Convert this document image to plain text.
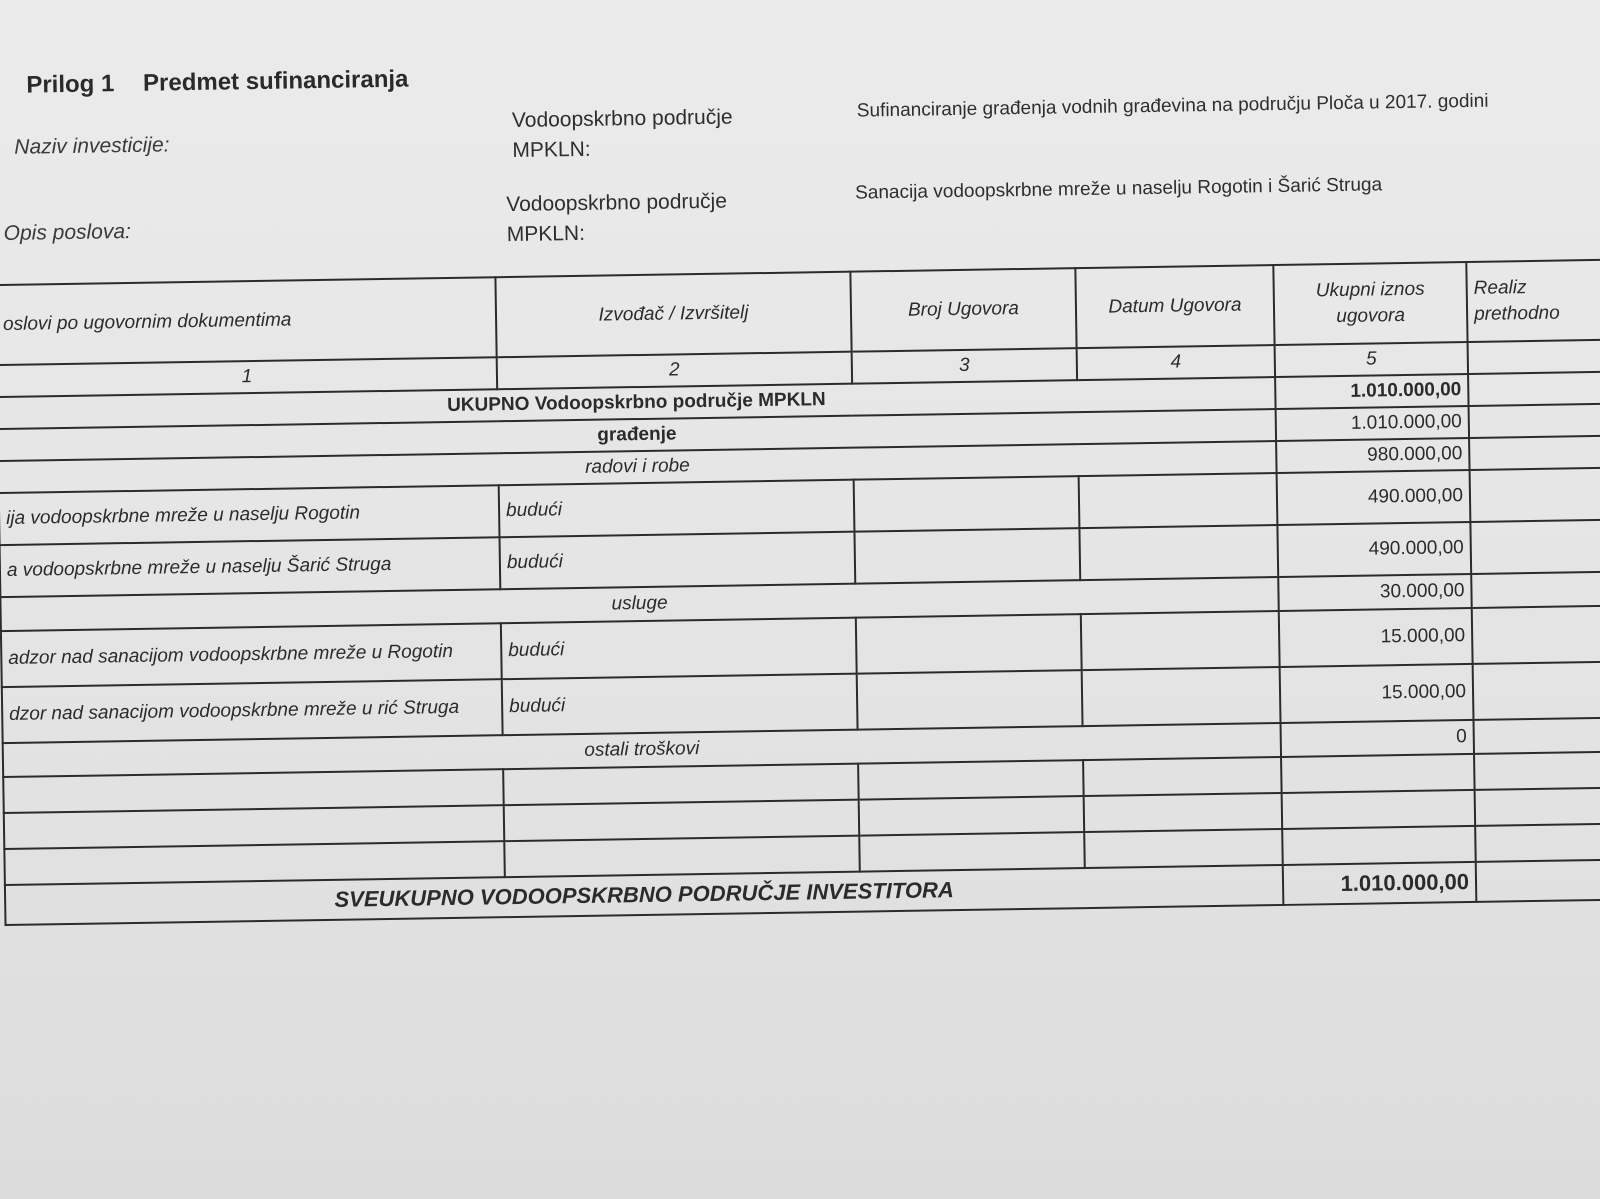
Prilog 1 Predmet sufinanciranja
Naziv investicije:
Vodoopskrbno područje MPKLN:
Sufinanciranje građenja vodnih građevina na području Ploča u 2017. godini
Opis poslova:
Vodoopskrbno područje MPKLN:
Sanacija vodoopskrbne mreže u naselju Rogotin i Šarić Struga
oslovi po ugovornim dokumentima	Izvođač / Izvršitelj	Broj Ugovora	Datum Ugovora	Ukupni iznos ugovora	Realiz prethodno
1	2	3	4	5	
UKUPNO Vodoopskrbno područje MPKLN				1.010.000,00	
građenje				1.010.000,00	
radovi i robe				980.000,00	
ija vodoopskrbne mreže u naselju Rogotin	budući			490.000,00	
a vodoopskrbne mreže u naselju Šarić Struga	budući			490.000,00	
usluge				30.000,00	
adzor nad sanacijom vodoopskrbne mreže u Rogotin	budući			15.000,00	
dzor nad sanacijom vodoopskrbne mreže u rić Struga	budući			15.000,00	
ostali troškovi				0	

SVEUKUPNO VODOOPSKRBNO PODRUČJE INVESTITORA				1.010.000,00	
